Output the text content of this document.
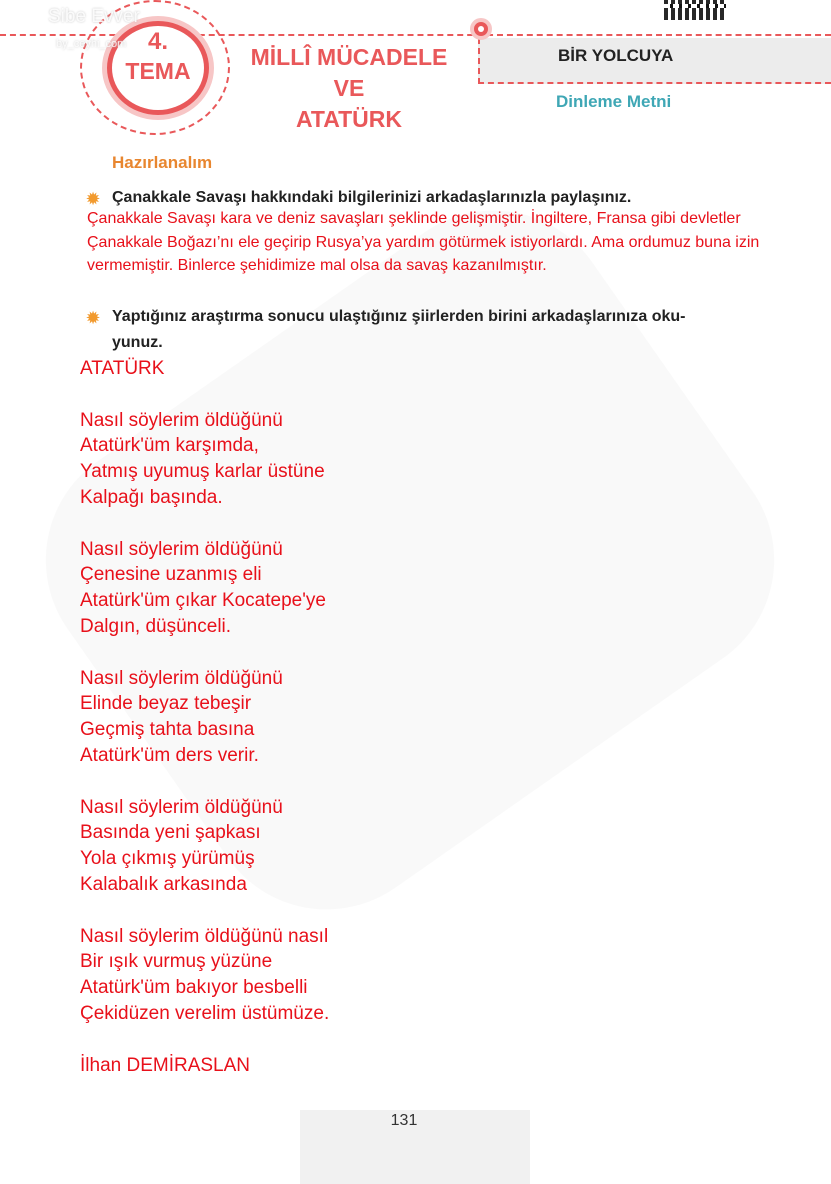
4.
TEMA
Sibe Evver
by_ceyhi_com	MİLLÎ MÜCADELE VE
ATATÜRK
BİR YOLCUYA
Dinleme Metni
Hazırlanalım
✹ Çanakkale Savaşı hakkındaki bilgilerinizi arkadaşlarınızla paylaşınız.
Çanakkale Savaşı kara ve deniz savaşları şeklinde gelişmiştir. İngiltere, Fransa gibi devletler
Çanakkale Boğazı’nı ele geçirip Rusya’ya yardım götürmek istiyorlardı. Ama ordumuz buna izin
vermemiştir. Binlerce şehidimize mal olsa da savaş kazanılmıştır.
✹ Yaptığınız araştırma sonucu ulaştığınız şiirlerden birini arkadaşlarınıza oku-
yunuz.
ATATÜRK
Nasıl söylerim öldüğünü
Atatürk'üm karşımda,
Yatmış uyumuş karlar üstüne
Kalpağı başında.
Nasıl söylerim öldüğünü
Çenesine uzanmış eli
Atatürk'üm çıkar Kocatepe'ye
Dalgın, düşünceli.
Nasıl söylerim öldüğünü
Elinde beyaz tebeşir
Geçmiş tahta basına
Atatürk'üm ders verir.
Nasıl söylerim öldüğünü
Basında yeni şapkası
Yola çıkmış yürümüş
Kalabalık arkasında
Nasıl söylerim öldüğünü nasıl
Bir ışık vurmuş yüzüne
Atatürk'üm bakıyor besbelli
Çekidüzen verelim üstümüze.
İlhan DEMİRASLAN
131
